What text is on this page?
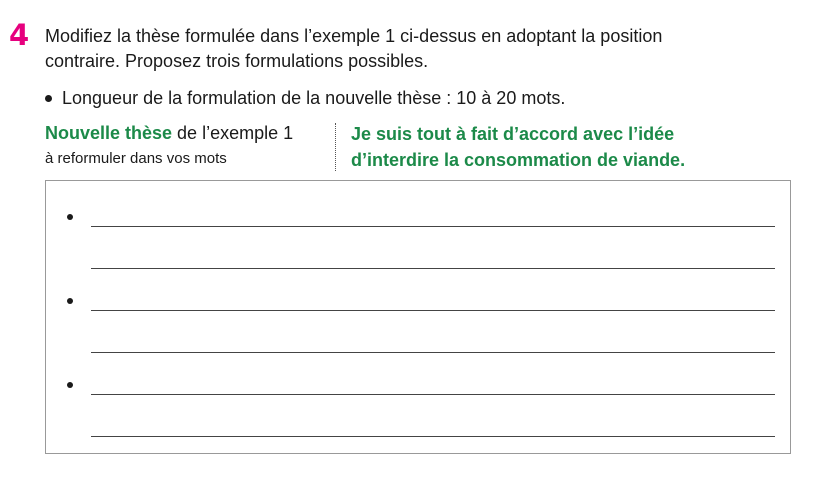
4 Modifiez la thèse formulée dans l’exemple 1 ci-dessus en adoptant la position

contraire. Proposez trois formulations possibles.

Longueur de la formulation de la nouvelle thèse : 10 à 20 mots.
Nouvelle thèse de l’exemple 1
à reformuler dans vos mots

Je suis tout à fait d’accord avec l’idée

d’interdire la consommation de viande.
